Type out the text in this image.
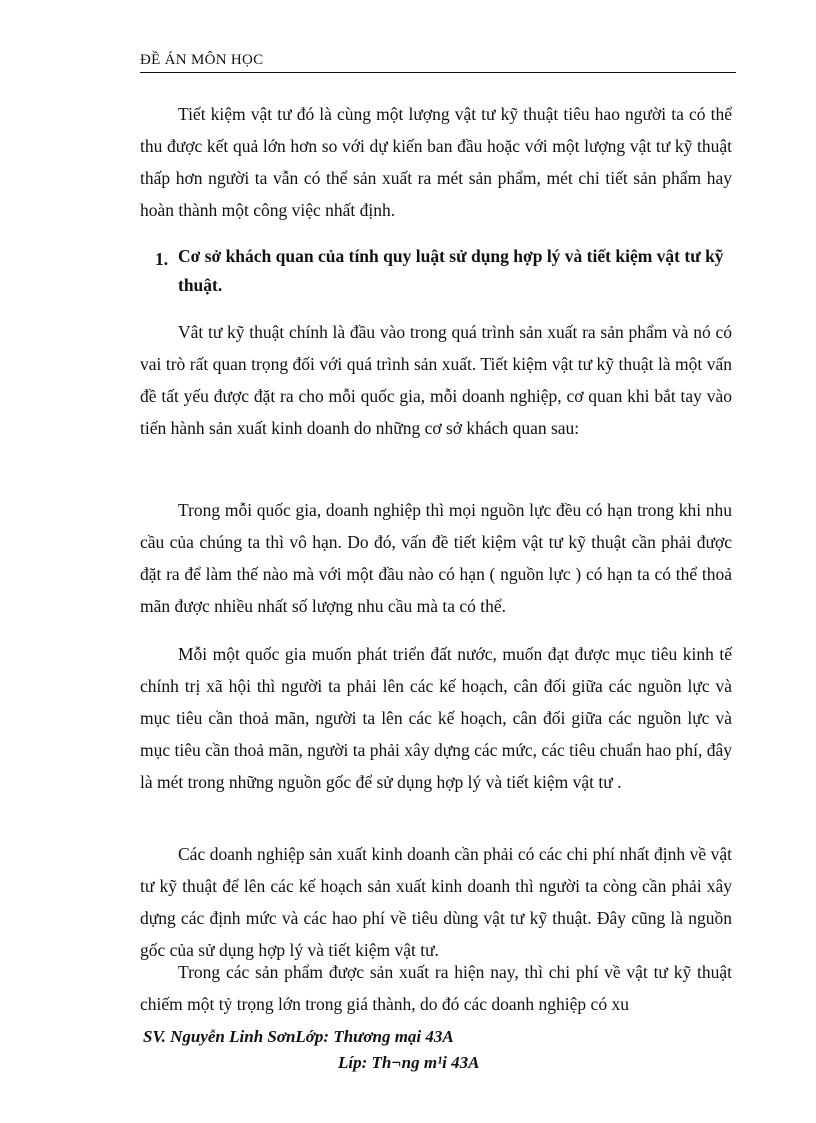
ĐỀ ÁN MÔN HỌC

Tiết kiệm vật tư đó là cùng một lượng vật tư kỹ thuật tiêu hao người ta có thể thu được kết quả lớn hơn so với dự kiến ban đầu hoặc với một lượng vật tư kỹ thuật thấp hơn người ta vẫn có thể sản xuất ra mét sản phẩm, mét chi tiết sản phẩm hay hoàn thành một công việc nhất định.

1. Cơ sở khách quan của tính quy luật sử dụng hợp lý và tiết kiệm vật tư kỹ thuật.

Vât tư kỹ thuật chính là đầu vào trong quá trình sản xuất ra sản phẩm và nó có vai trò rất quan trọng đối với quá trình sản xuất. Tiết kiệm vật tư kỹ thuật là một vấn đề tất yếu được đặt ra cho mỗi quốc gia, mỗi doanh nghiệp, cơ quan khi bắt tay vào tiến hành sản xuất kinh doanh do những cơ sở khách quan sau:

Trong mỗi quốc gia, doanh nghiệp thì mọi nguồn lực đều có hạn trong khi nhu cầu của chúng ta thì vô hạn. Do đó, vấn đề tiết kiệm vật tư kỹ thuật cần phải được đặt ra để làm thế nào mà với một đầu nào có hạn ( nguồn lực ) có hạn ta có thể thoả mãn được nhiều nhất số lượng nhu cầu mà ta có thể.

Mỗi một quốc gia muốn phát triển đất nước, muốn đạt được mục tiêu kinh tế chính trị xã hội thì người ta phải lên các kế hoạch, cân đối giữa các nguồn lực và mục tiêu cần thoả mãn, người ta lên các kế hoạch, cân đối giữa các nguồn lực và mục tiêu cần thoả mãn, người ta phải xây dựng các mức, các tiêu chuẩn hao phí, đây là mét trong những nguồn gốc để sử dụng hợp lý và tiết kiệm vật tư .

Các doanh nghiệp sản xuất kinh doanh cần phải có các chi phí nhất định về vật tư kỹ thuật để lên các kế hoạch sản xuất kinh doanh thì người ta còng cần phải xây dựng các định mức và các hao phí về tiêu dùng vật tư kỹ thuật. Đây cũng là nguồn gốc của sử dụng hợp lý và tiết kiệm vật tư.

Trong các sản phẩm được sản xuất ra hiện nay, thì chi phí về vật tư kỹ thuật chiếm một tỷ trọng lớn trong giá thành, do đó các doanh nghiệp có xu

SV. Nguyễn Linh SơnLớp: Thương mại 43A
Líp: Th¬ng m¹i 43A
